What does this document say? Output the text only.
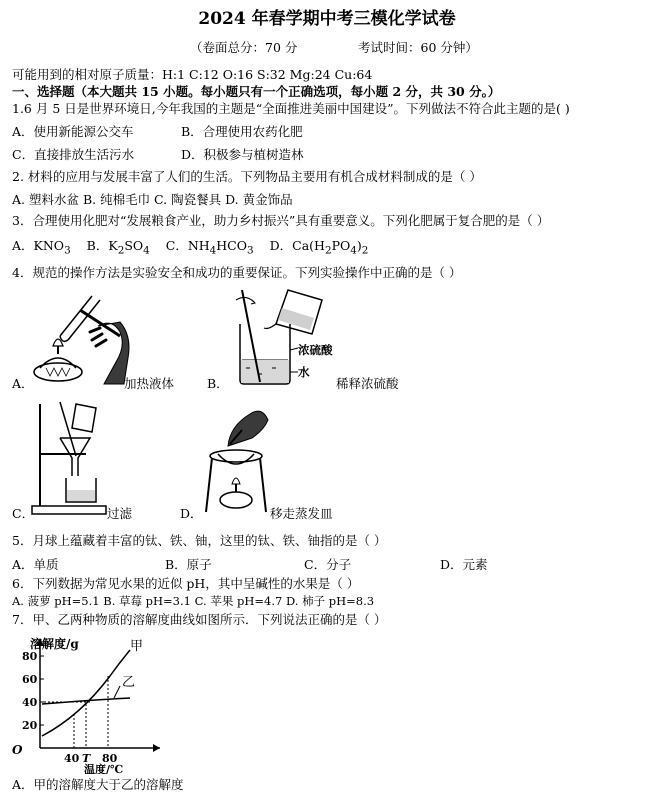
2024 年春学期中考三模化学试卷
（卷面总分：70 分	考试时间：60 分钟）
可能用到的相对原子质量：H:1 C:12 O:16 S:32 Mg:24 Cu:64
一、选择题（本大题共 15 小题。每小题只有一个正确选项，每小题 2 分，共 30 分。）
1.6 月 5 日是世界环境日,今年我国的主题是“全面推进美丽中国建设”。下列做法不符合此主题的是( )
A．使用新能源公交车	B．合理使用农药化肥
C．直接排放生活污水	D．积极参与植树造林
2. 材料的应用与发展丰富了人们的生活。下列物品主要用有机合成材料制成的是（ ）
A. 塑料水盆 B. 纯棉毛巾 C. 陶瓷餐具 D. 黄金饰品
3．合理使用化肥对“发展粮食产业，助力乡村振兴”具有重要意义。下列化肥属于复合肥的是（ ）
A．$KNO_3$ B．$K_2SO_4$ C．$NH_4HCO_3$ D．$Ca(H_2PO_4)_2$
4．规范的操作方法是实验安全和成功的重要保证。下列实验操作中正确的是（ ）
A．	加热液体	B．
浓硫酸
水
稀释浓硫酸
C．	过滤	D．	移走蒸发皿
5．月球上蕴藏着丰富的钛、铁、铀，这里的钛、铁、铀指的是（ ）
A．单质	B．原子	C．分子	D．元素
6．下列数据为常见水果的近似 pH，其中呈碱性的水果是（ ）
A. 菠萝 pH=5.1 B. 草莓 pH=3.1 C. 苹果 pH=4.7 D. 柿子 pH=8.3
7．甲、乙两种物质的溶解度曲线如图所示．下列说法正确的是（ ）
O
80
60
40
20
40 T 80
溶解度/g
温度/℃
甲
乙
A．甲的溶解度大于乙的溶解度
